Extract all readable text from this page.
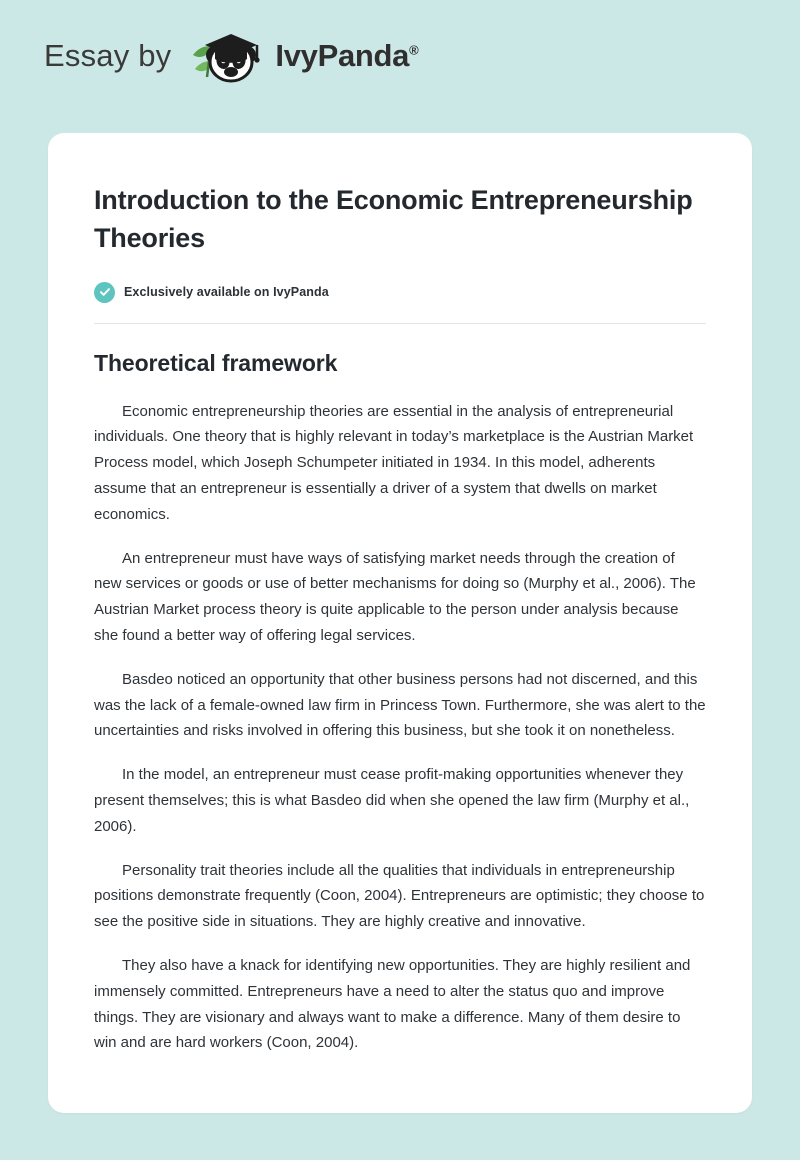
Essay by	IvyPanda®
Introduction to the Economic Entrepreneurship Theories
Exclusively available on IvyPanda
Theoretical framework

Economic entrepreneurship theories are essential in the analysis of entrepreneurial individuals. One theory that is highly relevant in today’s marketplace is the Austrian Market Process model, which Joseph Schumpeter initiated in 1934. In this model, adherents assume that an entrepreneur is essentially a driver of a system that dwells on market economics.

An entrepreneur must have ways of satisfying market needs through the creation of new services or goods or use of better mechanisms for doing so (Murphy et al., 2006). The Austrian Market process theory is quite applicable to the person under analysis because she found a better way of offering legal services.

Basdeo noticed an opportunity that other business persons had not discerned, and this was the lack of a female-owned law firm in Princess Town. Furthermore, she was alert to the uncertainties and risks involved in offering this business, but she took it on nonetheless.

In the model, an entrepreneur must cease profit-making opportunities whenever they present themselves; this is what Basdeo did when she opened the law firm (Murphy et al., 2006).

Personality trait theories include all the qualities that individuals in entrepreneurship positions demonstrate frequently (Coon, 2004). Entrepreneurs are optimistic; they choose to see the positive side in situations. They are highly creative and innovative.

They also have a knack for identifying new opportunities. They are highly resilient and immensely committed. Entrepreneurs have a need to alter the status quo and improve things. They are visionary and always want to make a difference. Many of them desire to win and are hard workers (Coon, 2004).
